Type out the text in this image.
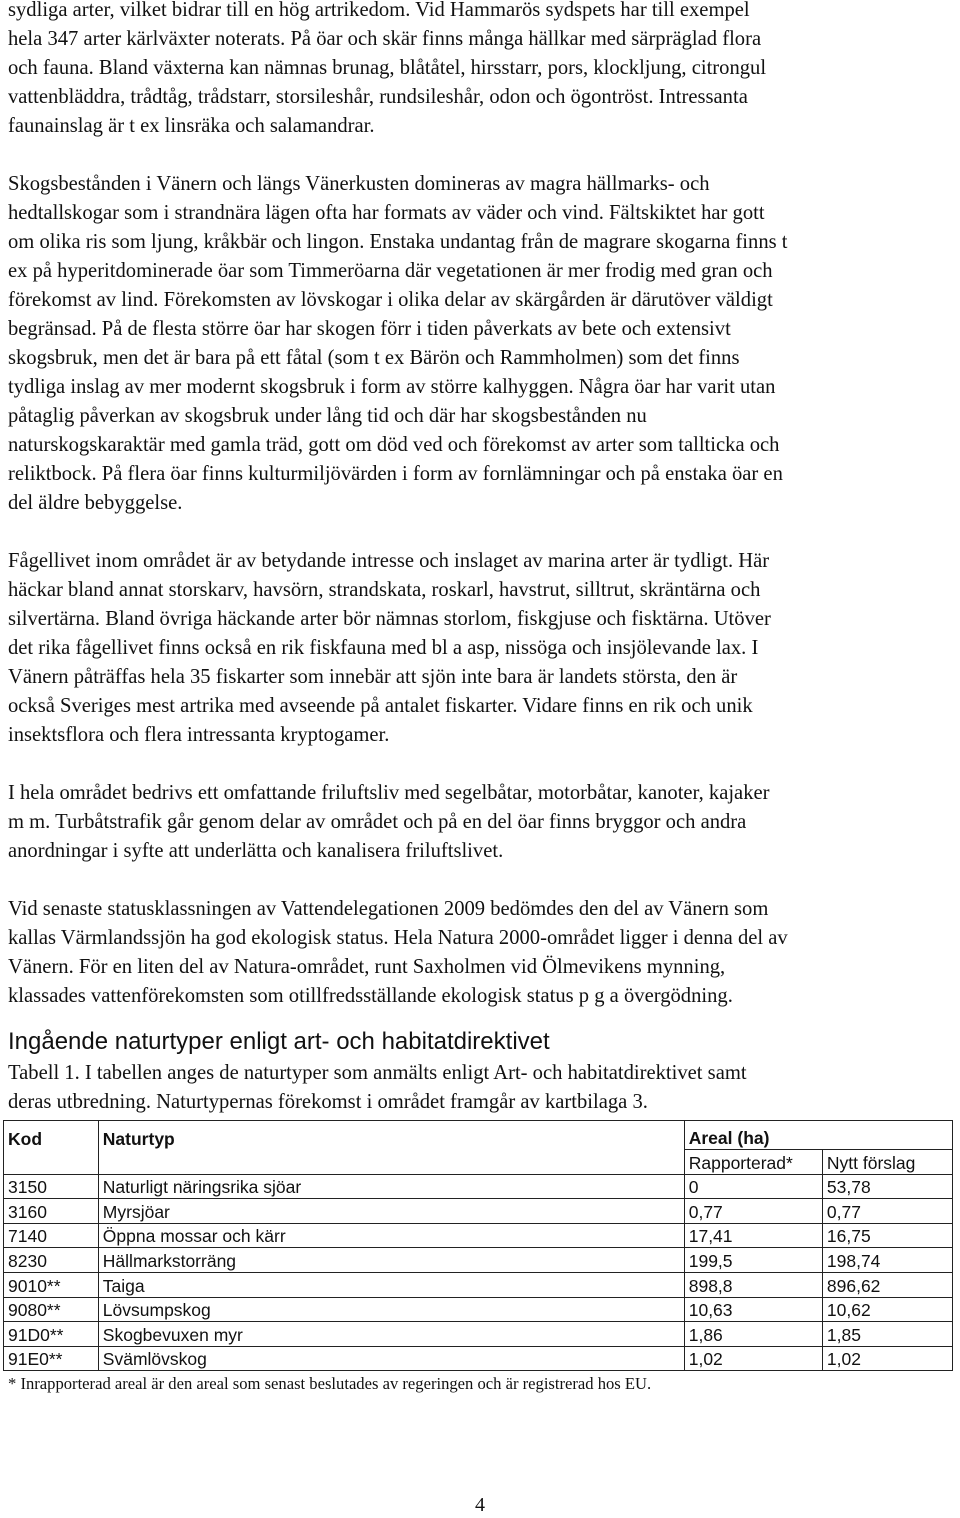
sydliga arter, vilket bidrar till en hög artrikedom. Vid Hammarös sydspets har till exempel
hela 347 arter kärlväxter noterats. På öar och skär finns många hällkar med särpräglad flora
och fauna. Bland växterna kan nämnas brunag, blåtåtel, hirsstarr, pors, klockljung, citrongul
vattenbläddra, trådtåg, trådstarr, storsileshår, rundsileshår, odon och ögontröst. Intressanta
faunainslag är t ex linsräka och salamandrar.

Skogsbestånden i Vänern och längs Vänerkusten domineras av magra hällmarks- och
hedtallskogar som i strandnära lägen ofta har formats av väder och vind. Fältskiktet har gott
om olika ris som ljung, kråkbär och lingon. Enstaka undantag från de magrare skogarna finns t
ex på hyperitdominerade öar som Timmeröarna där vegetationen är mer frodig med gran och
förekomst av lind. Förekomsten av lövskogar i olika delar av skärgården är därutöver väldigt
begränsad. På de flesta större öar har skogen förr i tiden påverkats av bete och extensivt
skogsbruk, men det är bara på ett fåtal (som t ex Bärön och Rammholmen) som det finns
tydliga inslag av mer modernt skogsbruk i form av större kalhyggen. Några öar har varit utan
påtaglig påverkan av skogsbruk under lång tid och där har skogsbestånden nu
naturskogskaraktär med gamla träd, gott om död ved och förekomst av arter som tallticka och
reliktbock. På flera öar finns kulturmiljövärden i form av fornlämningar och på enstaka öar en
del äldre bebyggelse.

Fågellivet inom området är av betydande intresse och inslaget av marina arter är tydligt. Här
häckar bland annat storskarv, havsörn, strandskata, roskarl, havstrut, silltrut, skräntärna och
silvertärna. Bland övriga häckande arter bör nämnas storlom, fiskgjuse och fisktärna. Utöver
det rika fågellivet finns också en rik fiskfauna med bl a asp, nissöga och insjölevande lax. I
Vänern påträffas hela 35 fiskarter som innebär att sjön inte bara är landets största, den är
också Sveriges mest artrika med avseende på antalet fiskarter. Vidare finns en rik och unik
insektsflora och flera intressanta kryptogamer.

I hela området bedrivs ett omfattande friluftsliv med segelbåtar, motorbåtar, kanoter, kajaker
m m. Turbåtstrafik går genom delar av området och på en del öar finns bryggor och andra
anordningar i syfte att underlätta och kanalisera friluftslivet.

Vid senaste statusklassningen av Vattendelegationen 2009 bedömdes den del av Vänern som
kallas Värmlandssjön ha god ekologisk status. Hela Natura 2000-området ligger i denna del av
Vänern. För en liten del av Natura-området, runt Saxholmen vid Ölmevikens mynning,
klassades vattenförekomsten som otillfredsställande ekologisk status p g a övergödning.

Ingående naturtyper enligt art- och habitatdirektivet

Tabell 1. I tabellen anges de naturtyper som anmälts enligt Art- och habitatdirektivet samt
deras utbredning. Naturtypernas förekomst i området framgår av kartbilaga 3.

Kod	Naturtyp	Areal (ha)	
		Rapporterad*	Nytt förslag
3150	Naturligt näringsrika sjöar	0	53,78
3160	Myrsjöar	0,77	0,77
7140	Öppna mossar och kärr	17,41	16,75
8230	Hällmarkstorräng	199,5	198,74
9010**	Taiga	898,8	896,62
9080**	Lövsumpskog	10,63	10,62
91D0**	Skogbevuxen myr	1,86	1,85
91E0**	Svämlövskog	1,02	1,02

* Inrapporterad areal är den areal som senast beslutades av regeringen och är registrerad hos EU.

4
